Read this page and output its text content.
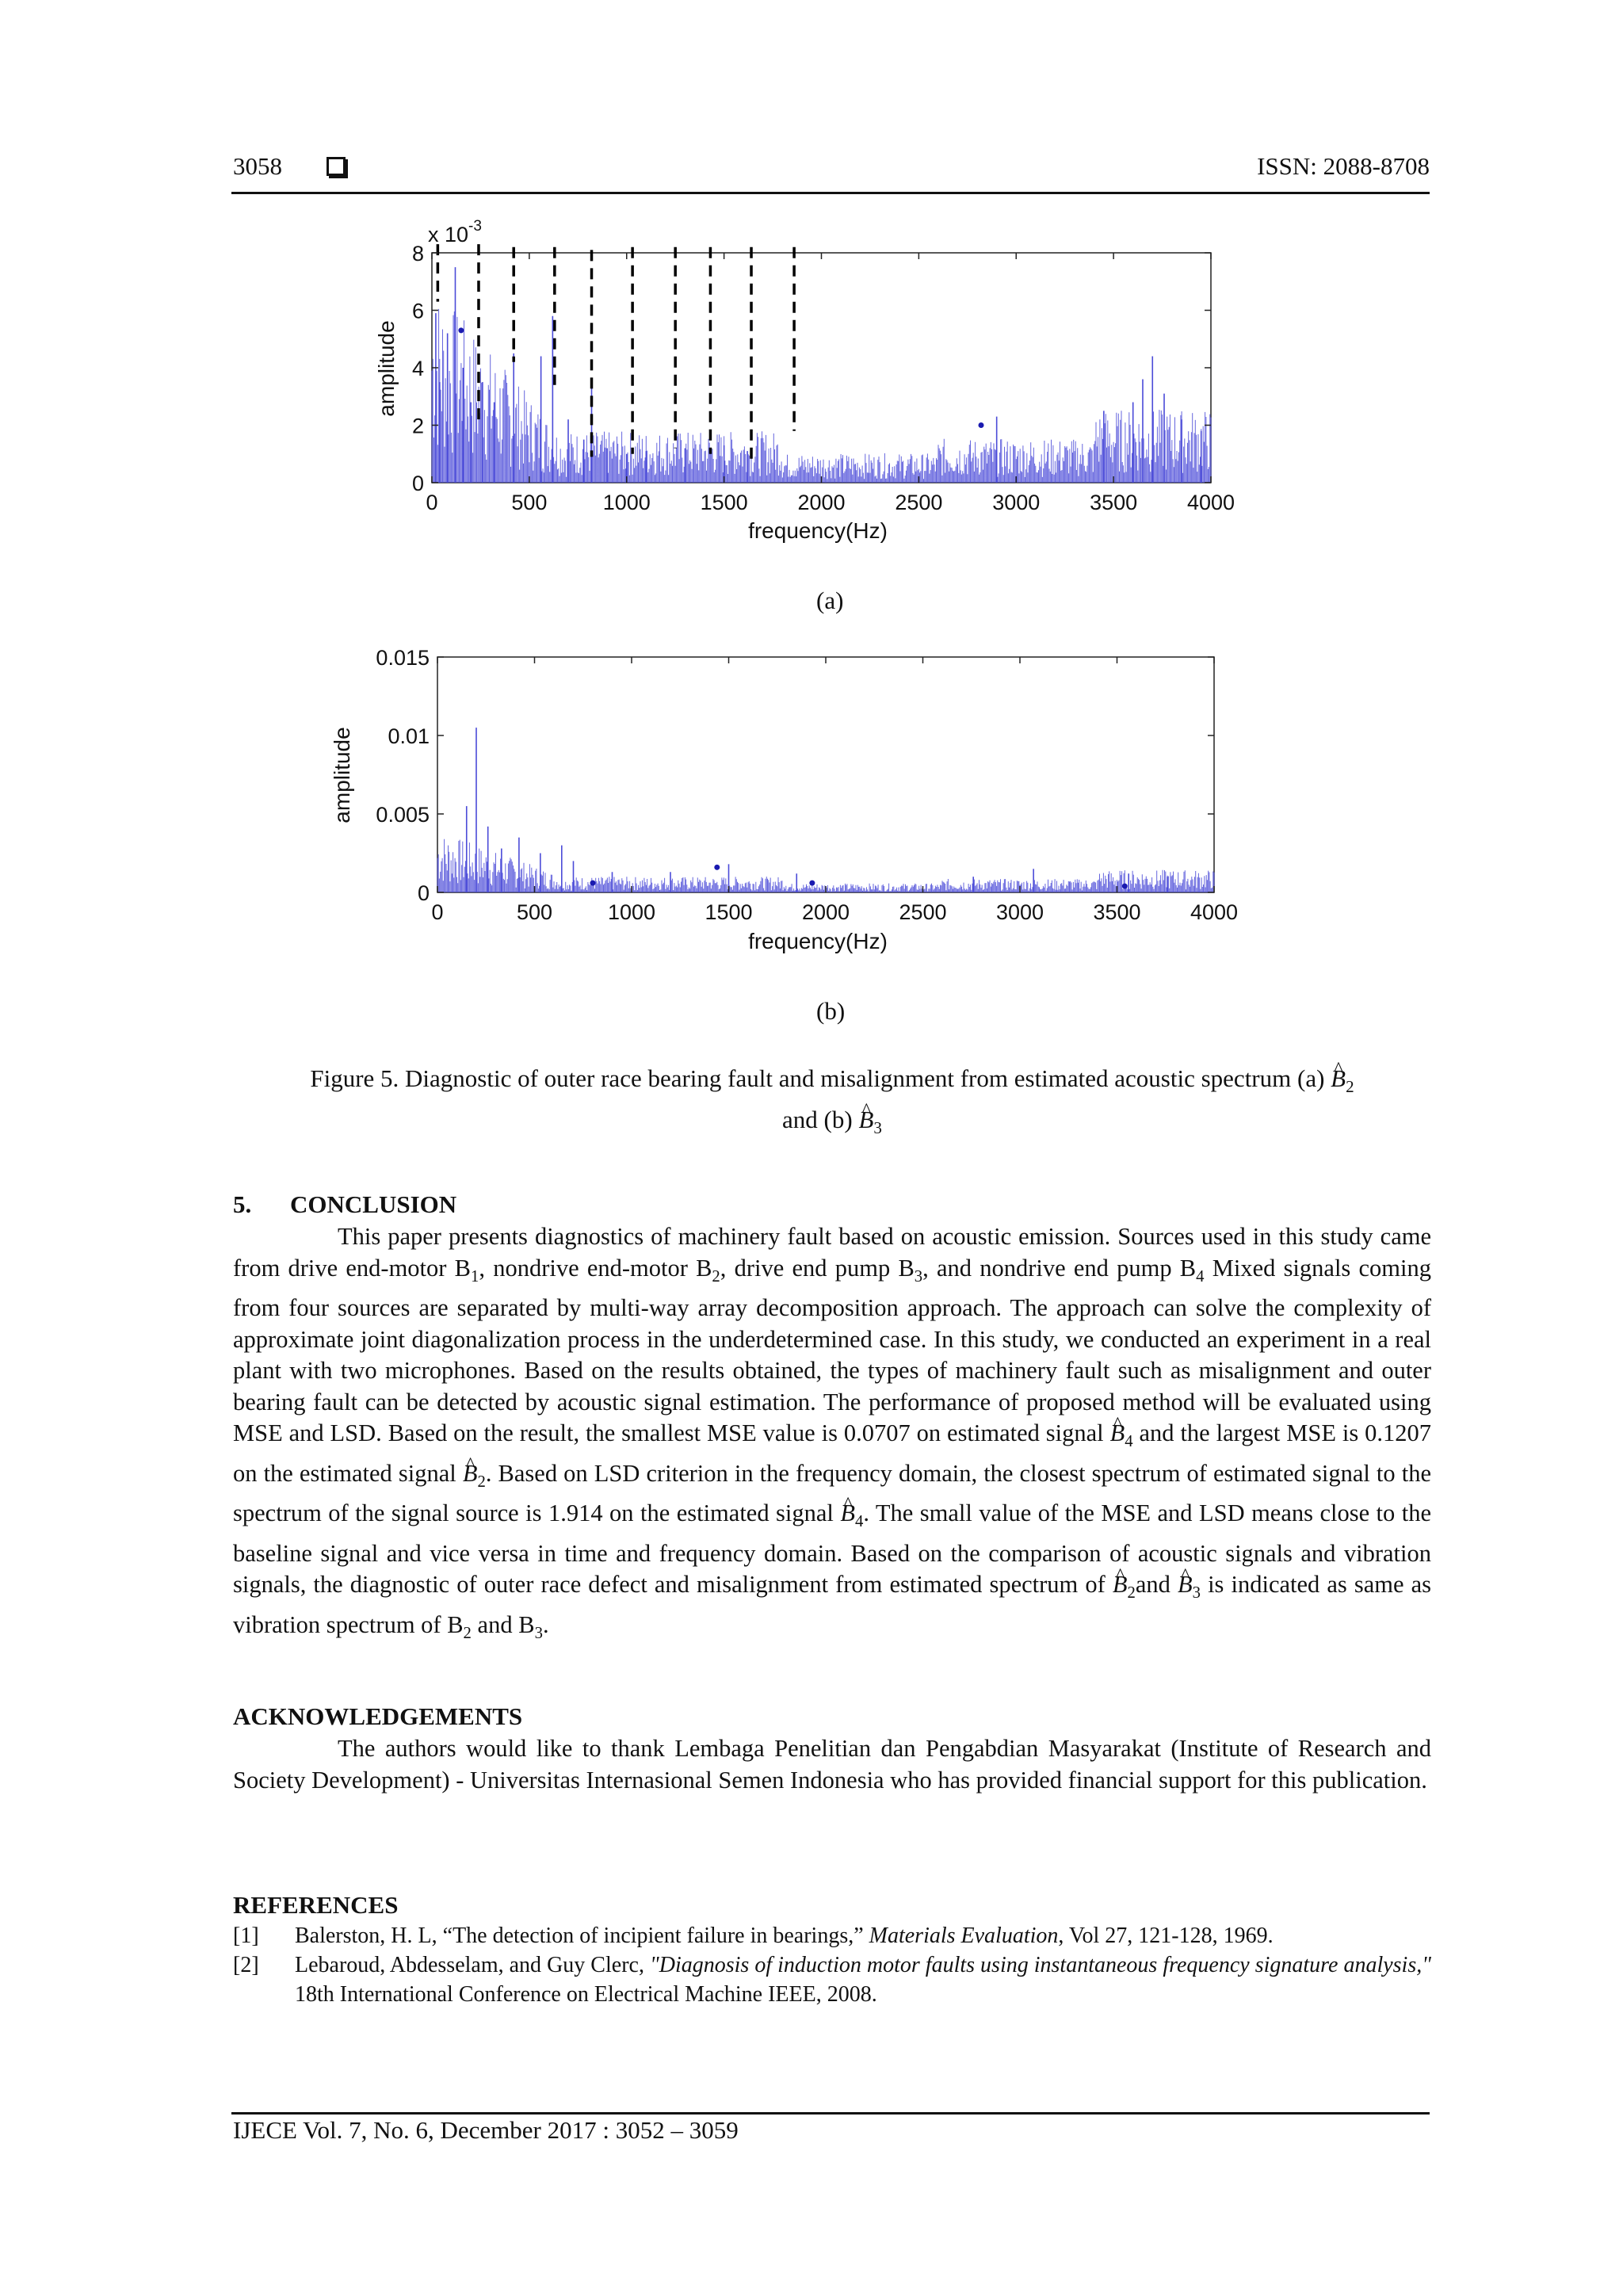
3058	ISSN: 2088-8708
0	500	1000 1500 2000 2500 3000 3500 4000
0
2
4
6
8
amplitude
x $10^{-3}$
frequency(Hz)
(a)
0	500	1000 1500 2000 2500 3000 3500 4000
0
0.005
0.01
0.015
amplitude
frequency(Hz)
(b)
Figure 5. Diagnostic of outer race bearing fault and misalignment from estimated acoustic spectrum (a) ^ $B_2$
and (b) ^ $B_3$
5. CONCLUSION
This paper presents diagnostics of machinery fault based on acoustic emission. Sources used in this study came from drive end-motor $B_1$, nondrive end-motor $B_2$, drive end pump $B_3$, and nondrive end pump $B_4$ Mixed signals coming from four sources are separated by multi-way array decomposition approach. The approach can solve the complexity of approximate joint diagonalization process in the underdetermined case. In this study, we conducted an experiment in a real plant with two microphones. Based on the results obtained, the types of machinery fault such as misalignment and outer bearing fault can be detected by acoustic signal estimation. The performance of proposed method will be evaluated using MSE and LSD. Based on the result, the smallest MSE value is 0.0707 on estimated signal ^ $B_4$ and the largest MSE is 0.1207 on the estimated signal ^ $B_2$. Based on LSD criterion in the frequency domain, the closest spectrum of estimated signal to the spectrum of the signal source is 1.914 on the estimated signal ^ $B_4$. The small value of the MSE and LSD means close to the baseline signal and vice versa in time and frequency domain. Based on the comparison of acoustic signals and vibration signals, the diagnostic of outer race defect and misalignment from estimated spectrum of ^ $B_2and$ ^ $B_3$ is indicated as same as vibration spectrum of $B_2$ and $B_3$.
ACKNOWLEDGEMENTS
The authors would like to thank Lembaga Penelitian dan Pengabdian Masyarakat (Institute of Research and Society Development) - Universitas Internasional Semen Indonesia who has provided financial support for this publication.
REFERENCES
[1] Balerston, H. L, “The detection of incipient failure in bearings,” Materials Evaluation, Vol 27, 121-128, 1969.
[2] Lebaroud, Abdesselam, and Guy Clerc, "Diagnosis of induction motor faults using instantaneous frequency signature analysis," 18th International Conference on Electrical Machine IEEE, 2008.
IJECE Vol. 7, No. 6, December 2017 : 3052 – 3059
